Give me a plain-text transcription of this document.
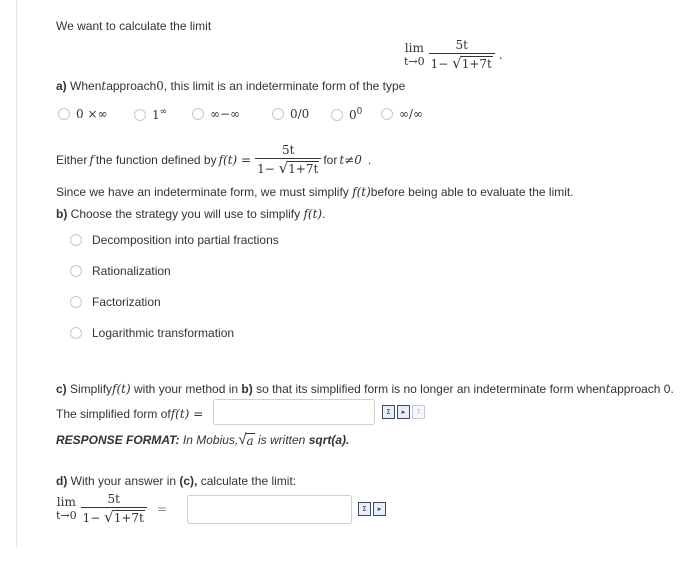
We want to calculate the limit
lim
$t\to 0 \frac{5t}{1- √ 1+7t}$ .
a) Whentapproach0, this limit is an indeterminate form of the type
0 ×∞	1∞	∞−∞	0/0	$0^0$	∞/∞
Either f the function defined by $f(t) = \frac{5t}{1- √ 1+7t}$ for t≠0 .
Since we have an indeterminate form, we must simplify f(t)before being able to evaluate the limit.
b) Choose the strategy you will use to simplify f(t).
Decomposition into partial fractions
Rationalization
Factorization
Logarithmic transformation
c) Simplifyf(t) with your method in b) so that its simplified form is no longer an indeterminate form whentapproach 0.
The simplified form off(t) =	Σ	▸	?
RESPONSE FORMAT: In Mobius, √ a is written sqrt(a).
d) With your answer in (c), calculate the limit:
lim
$t\to 0 \frac{5t}{1- √ 1+7t}$ =	Σ	▸
